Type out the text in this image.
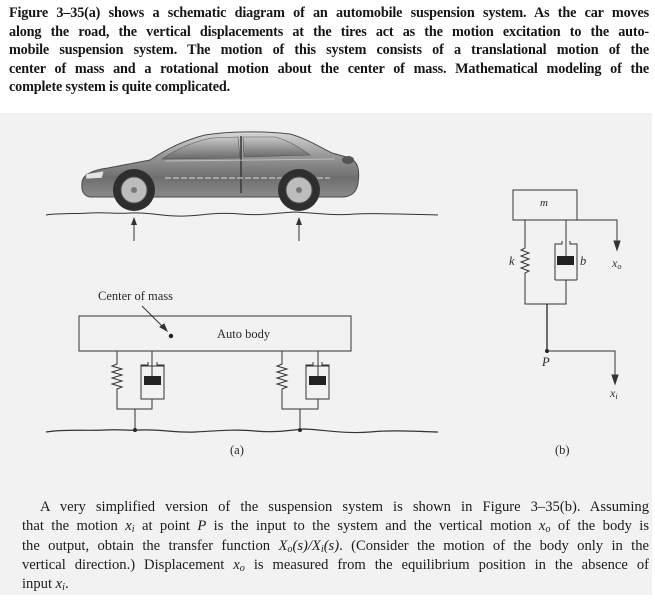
Figure 3–35(a) shows a schematic diagram of an automobile suspension system. As the car moves
along the road, the vertical displacements at the tires act as the motion excitation to the auto-
mobile suspension system. The motion of this system consists of a translational motion of the
center of mass and a rotational motion about the center of mass. Mathematical modeling of the
complete system is quite complicated.
Center of mass
Auto body
(a)
m
k	b $x_o$
P
$x_i$
(b)
A very simplified version of the suspension system is shown in Figure 3–35(b). Assuming
that the motion $x_i$ at point P is the input to the system and the vertical motion $x_o$ of the body is
the output, obtain the transfer function $X_o(s)/X_i(s)$. (Consider the motion of the body only in the
vertical direction.) Displacement $x_o$ is measured from the equilibrium position in the absence of
input $x_i$.
